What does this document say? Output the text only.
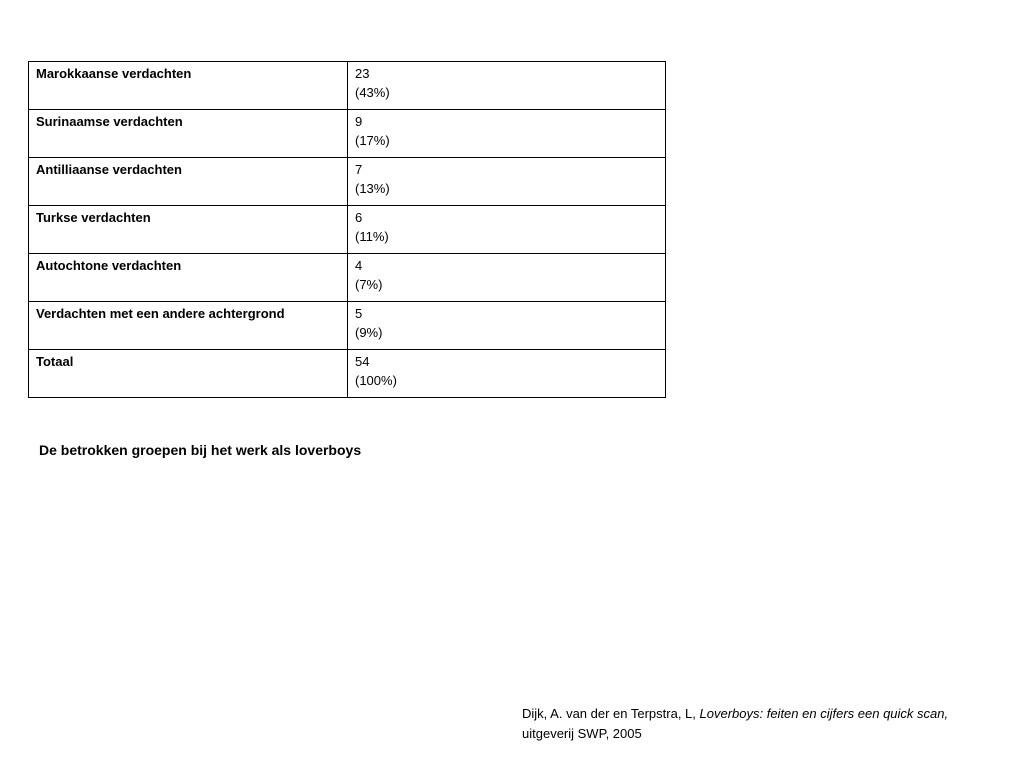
Marokkaanse verdachten	23
(43%)

Surinaamse verdachten	9
(17%)

Antilliaanse verdachten	7
(13%)

Turkse verdachten	6
(11%)

Autochtone verdachten	4
(7%)

Verdachten met een andere achtergrond	5
(9%)

Totaal	54
(100%)
De betrokken groepen bij het werk als loverboys
Dijk, A. van der en Terpstra, L, Loverboys: feiten en cijfers een quick scan,
uitgeverij SWP, 2005
